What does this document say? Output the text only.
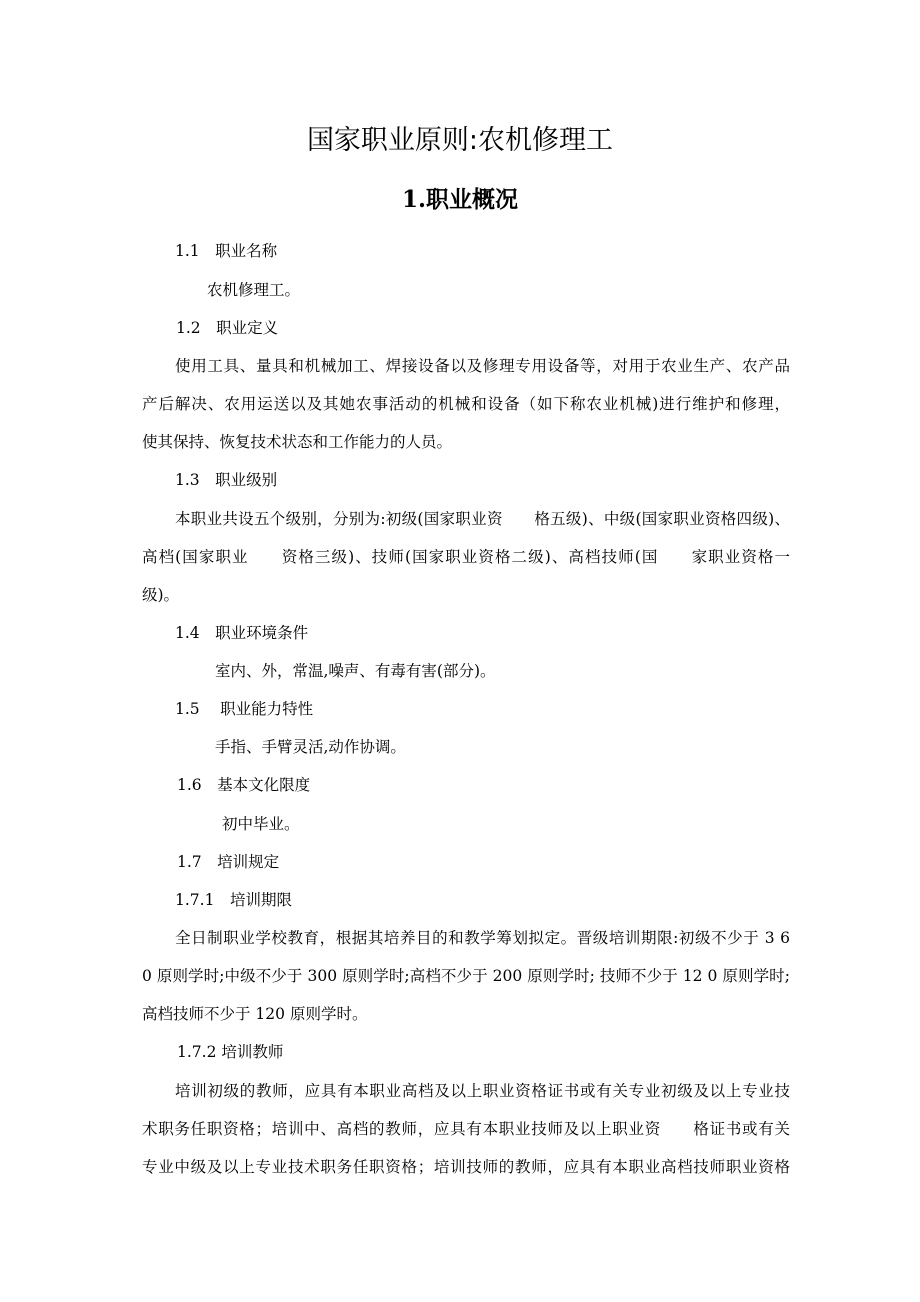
国家职业原则:农机修理工
1.职业概况
1.1　职业名称
农机修理工。
1.2　职业定义
使用工具、量具和机械加工、焊接设备以及修理专用设备等，对用于农业生产、农产品
产后解决、农用运送以及其她农事活动的机械和设备（如下称农业机械)进行维护和修理，
使其保持、恢复技术状态和工作能力的人员。
1.3　职业级别
本职业共设五个级别，分别为:初级(国家职业资　　格五级)、中级(国家职业资格四级)、
高档(国家职业　　资格三级)、技师(国家职业资格二级)、高档技师(国　　家职业资格一
级)。
1.4　职业环境条件
室内、外，常温,噪声、有毒有害(部分)。
1.5　 职业能力特性
手指、手臂灵活,动作协调。
1.6　基本文化限度
初中毕业。
1.7　培训规定
1.7.1　培训期限
全日制职业学校教育，根据其培养目的和教学筹划拟定。晋级培训期限:初级不少于 3 6
0 原则学时;中级不少于 300 原则学时;高档不少于 200 原则学时; 技师不少于 12 0 原则学时;
高档技师不少于 120 原则学时。
1.7.2 培训教师
培训初级的教师，应具有本职业高档及以上职业资格证书或有关专业初级及以上专业技
术职务任职资格；培训中、高档的教师，应具有本职业技师及以上职业资　　格证书或有关
专业中级及以上专业技术职务任职资格；培训技师的教师，应具有本职业高档技师职业资格
